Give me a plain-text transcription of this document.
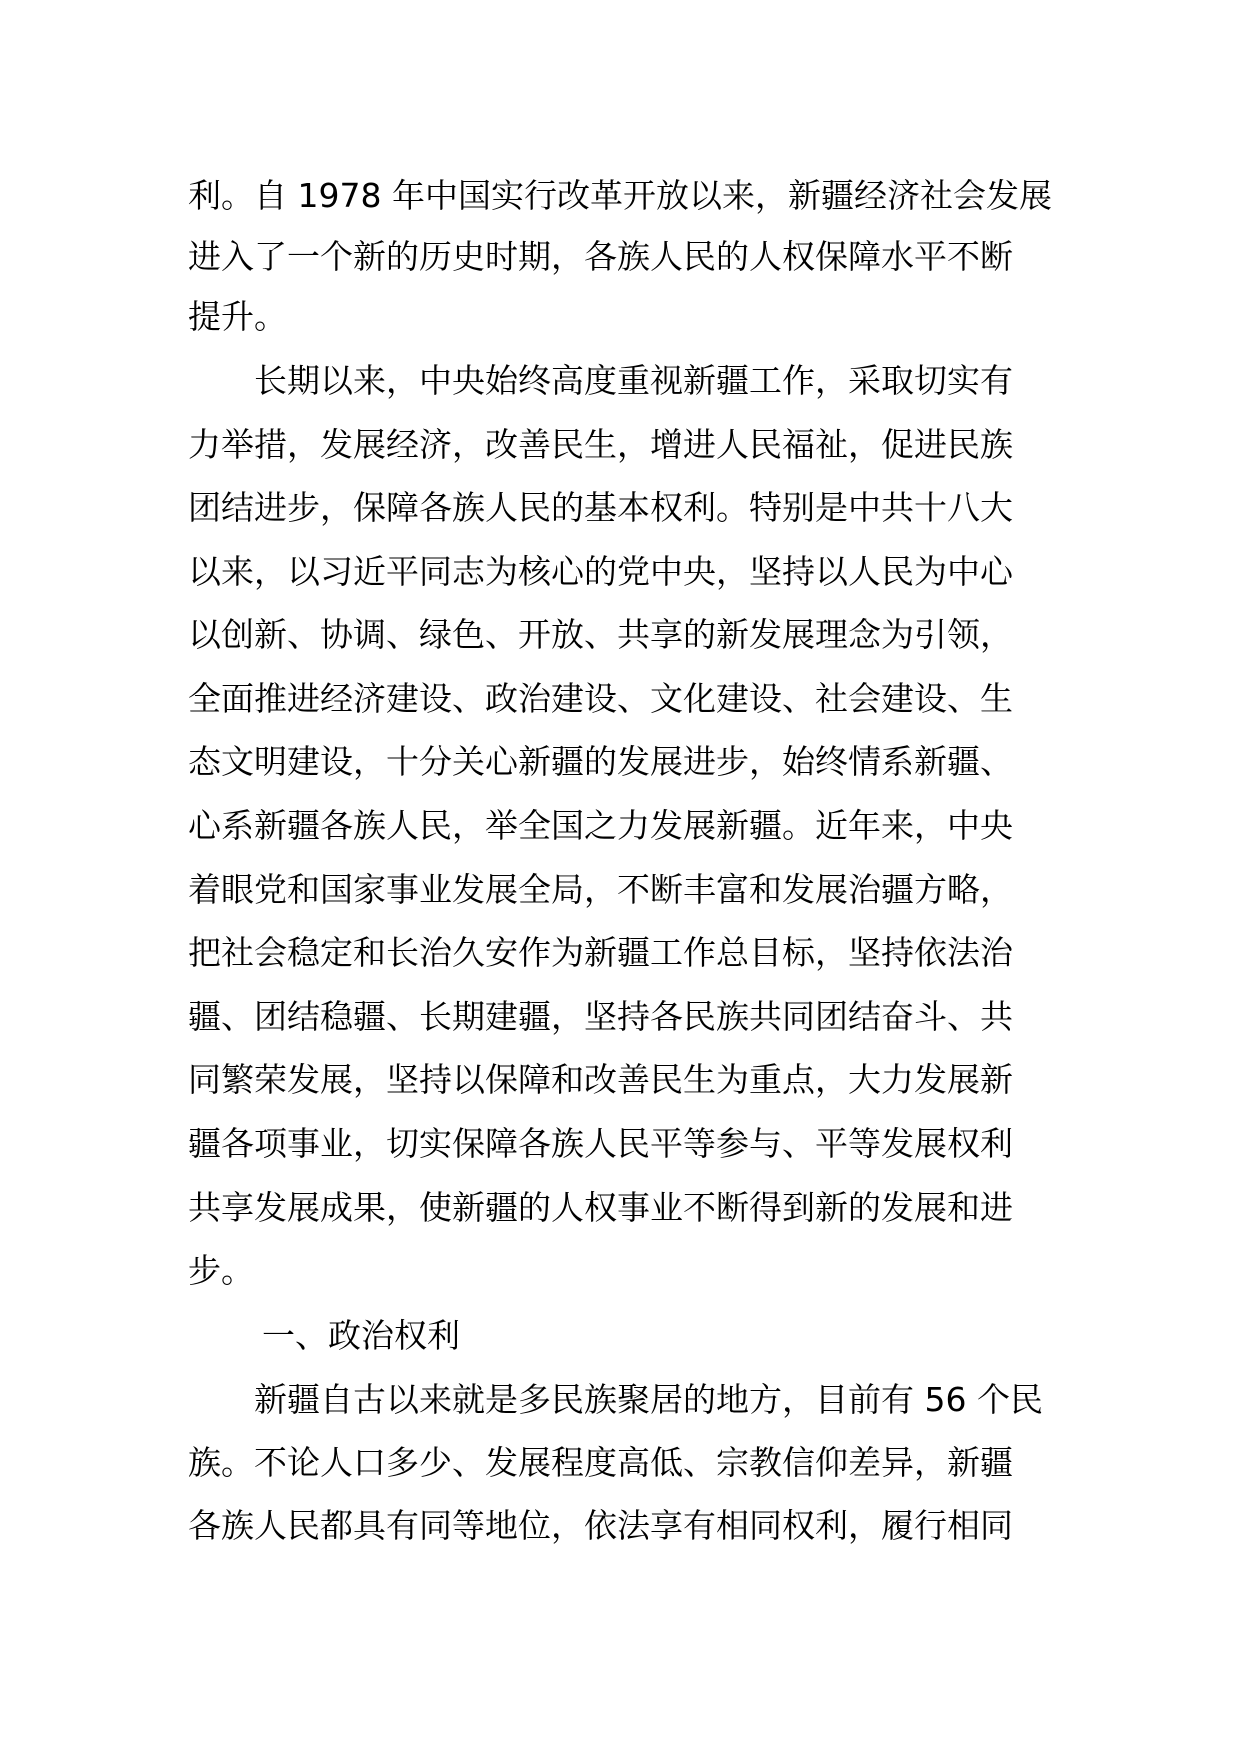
利。自 1978 年中国实行改革开放以来，新疆经济社会发展

进入了一个新的历史时期，各族人民的人权保障水平不断

提升。

长期以来，中央始终高度重视新疆工作，采取切实有

力举措，发展经济，改善民生，增进人民福祉，促进民族

团结进步，保障各族人民的基本权利。特别是中共十八大

以来，以习近平同志为核心的党中央，坚持以人民为中心

以创新、协调、绿色、开放、共享的新发展理念为引领，

全面推进经济建设、政治建设、文化建设、社会建设、生

态文明建设，十分关心新疆的发展进步，始终情系新疆、

心系新疆各族人民，举全国之力发展新疆。近年来，中央

着眼党和国家事业发展全局，不断丰富和发展治疆方略，

把社会稳定和长治久安作为新疆工作总目标，坚持依法治

疆、团结稳疆、长期建疆，坚持各民族共同团结奋斗、共

同繁荣发展，坚持以保障和改善民生为重点，大力发展新

疆各项事业，切实保障各族人民平等参与、平等发展权利

共享发展成果，使新疆的人权事业不断得到新的发展和进

步。

一、政治权利

新疆自古以来就是多民族聚居的地方，目前有 56 个民

族。不论人口多少、发展程度高低、宗教信仰差异，新疆

各族人民都具有同等地位，依法享有相同权利，履行相同
